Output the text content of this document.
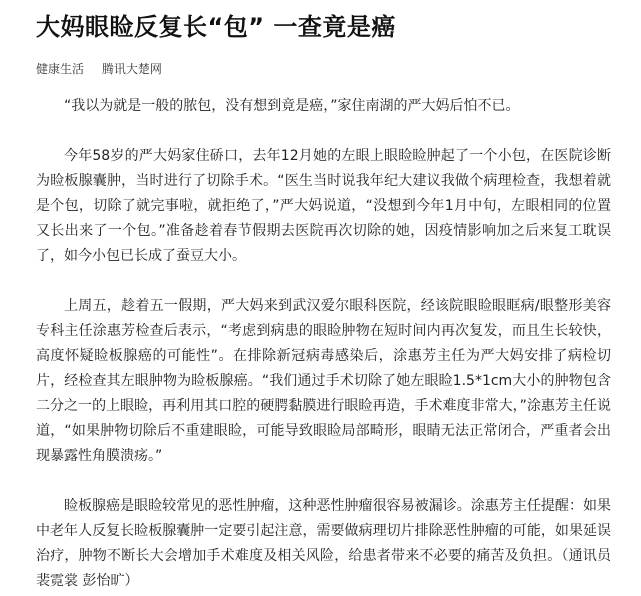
大妈眼睑反复长“包” 一查竟是癌
健康生活 腾讯大楚网

“我以为就是一般的脓包，没有想到竟是癌，”家住南湖的严大妈后怕不已。

今年58岁的严大妈家住硚口，去年12月她的左眼上眼睑睑肿起了一个小包，在医院诊断为睑板腺囊肿，当时进行了切除手术。“医生当时说我年纪大建议我做个病理检查，我想着就是个包，切除了就完事啦，就拒绝了，”严大妈说道，“没想到今年1月中旬，左眼相同的位置又长出来了一个包。”准备趁着春节假期去医院再次切除的她，因疫情影响加之后来复工耽误了，如今小包已长成了蚕豆大小。

上周五，趁着五一假期，严大妈来到武汉爱尔眼科医院，经该院眼睑眼眶病/眼整形美容专科主任涂惠芳检查后表示，“考虑到病患的眼睑肿物在短时间内再次复发，而且生长较快，高度怀疑睑板腺癌的可能性”。在排除新冠病毒感染后，涂惠芳主任为严大妈安排了病检切片，经检查其左眼肿物为睑板腺癌。“我们通过手术切除了她左眼睑1.5*1cm大小的肿物包含二分之一的上眼睑，再利用其口腔的硬腭黏膜进行眼睑再造，手术难度非常大，”涂惠芳主任说道，“如果肿物切除后不重建眼睑，可能导致眼睑局部畸形，眼睛无法正常闭合，严重者会出现暴露性角膜溃疡。”

睑板腺癌是眼睑较常见的恶性肿瘤，这种恶性肿瘤很容易被漏诊。涂惠芳主任提醒：如果中老年人反复长睑板腺囊肿一定要引起注意，需要做病理切片排除恶性肿瘤的可能，如果延误治疗，肿物不断长大会增加手术难度及相关风险，给患者带来不必要的痛苦及负担。（通讯员 裴霓裳 彭怡旷）
